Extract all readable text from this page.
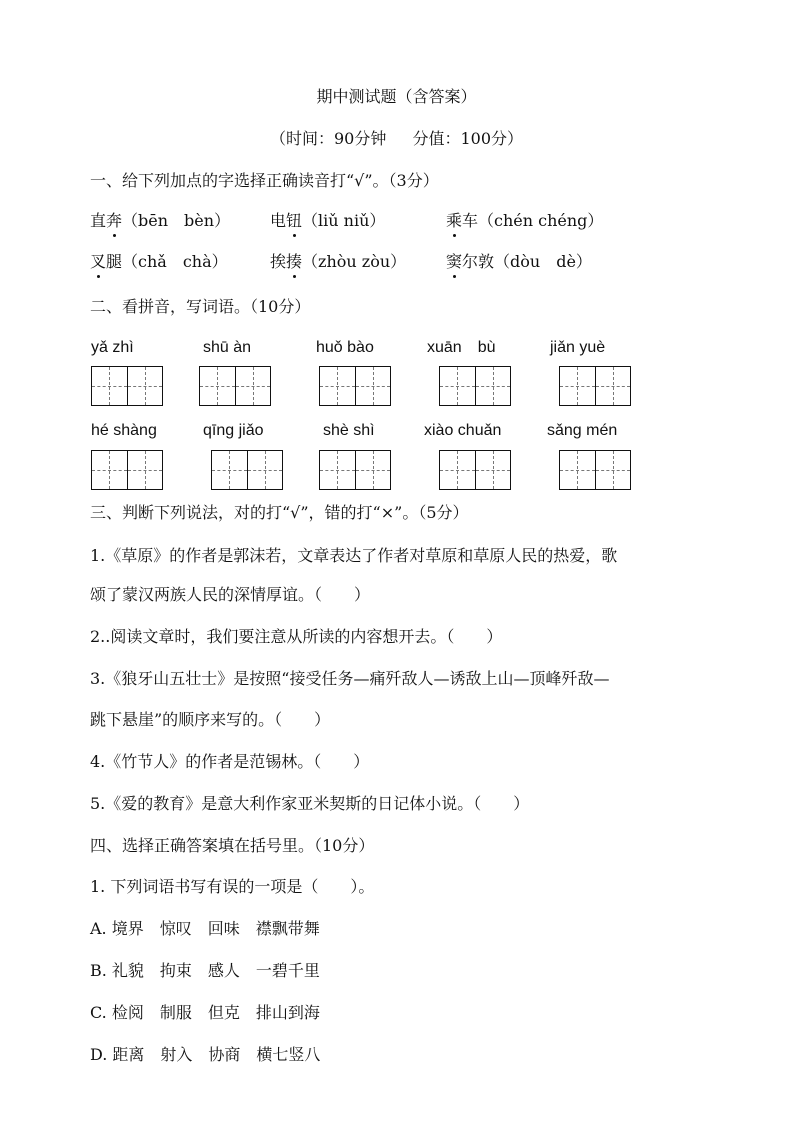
期中测试题（含答案）
（时间：90分钟 　 分值：100分）
一、给下列加点的字选择正确读音打“√”。（3分）
直奔（bēn　bèn） 电钮（liǔ niǔ）	乘车（chén chéng）
叉腿（chǎ　chà）	挨揍（zhòu zòu） 窦尔敦（dòu　dè）
二、看拼音，写词语。（10分）
yǎ zhì	shū àn	huǒ bào	xuān　bù	jiǎn yuè
hé shàng	qīng jiǎo	shè shì	xiào chuǎn	sǎng mén
三、判断下列说法，对的打“√”，错的打“×”。（5分）
1.《草原》的作者是郭沫若，文章表达了作者对草原和草原人民的热爱，歌
颂了蒙汉两族人民的深情厚谊。（　　）
2..阅读文章时，我们要注意从所读的内容想开去。（　　）
3.《狼牙山五壮士》是按照“接受任务—痛歼敌人—诱敌上山—顶峰歼敌—
跳下悬崖”的顺序来写的。（　　）
4.《竹节人》的作者是范锡林。（　　）
5.《爱的教育》是意大利作家亚米契斯的日记体小说。（　　）
四、选择正确答案填在括号里。（10分）
1. 下列词语书写有误的一项是（　　）。
A. 境界　惊叹　回味　襟飘带舞
B. 礼貌　拘束　感人　一碧千里
C. 检阅　制服　但克　排山到海
D. 距离　射入　协商　横七竖八
